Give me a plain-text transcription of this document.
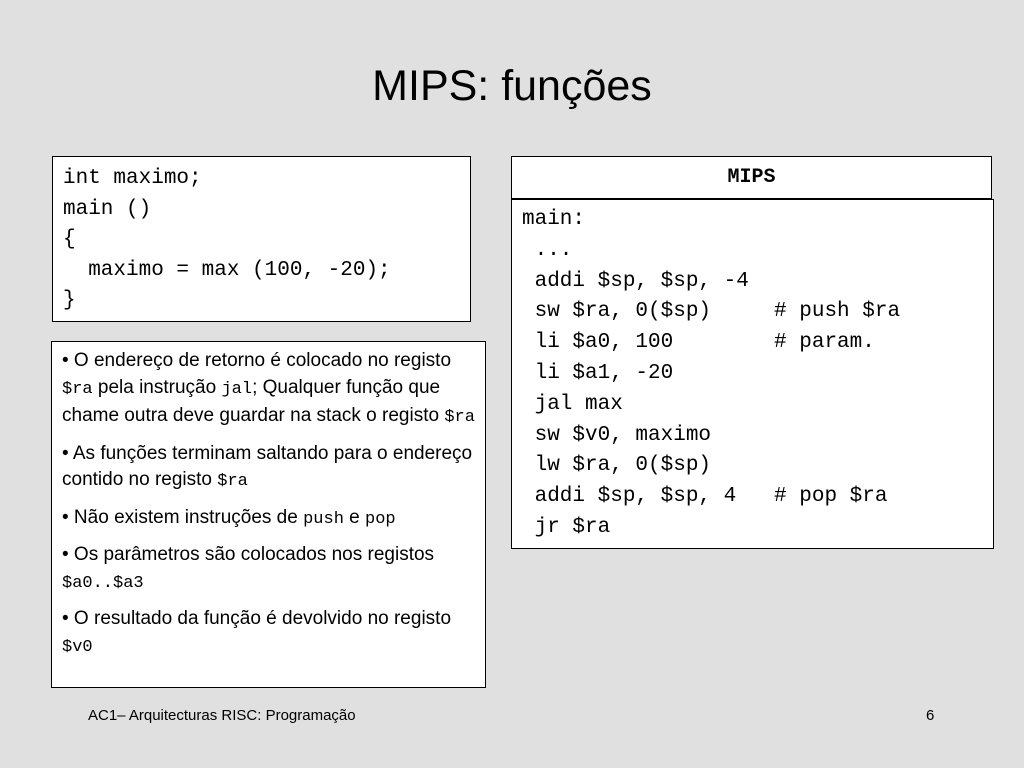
MIPS: funções
int maximo;
main ()
{
maximo = max (100, -20);
}
MIPS
main:
...
addi $sp, $sp, -4
sw $ra, 0($sp)     # push $ra
li $a0, 100        # param.
li $a1, -20
jal max
sw $v0, maximo
lw $ra, 0($sp)
addi $sp, $sp, 4   # pop $ra
jr $ra
• O endereço de retorno é colocado no registo $ra pela instrução jal; Qualquer função que chame outra deve guardar na stack o registo $ra
• As funções terminam saltando para o endereço contido no registo $ra
• Não existem instruções de push e pop
• Os parâmetros são colocados nos registos $a0..$a3
• O resultado da função é devolvido no registo $v0
AC1– Arquitecturas RISC: Programação	6
